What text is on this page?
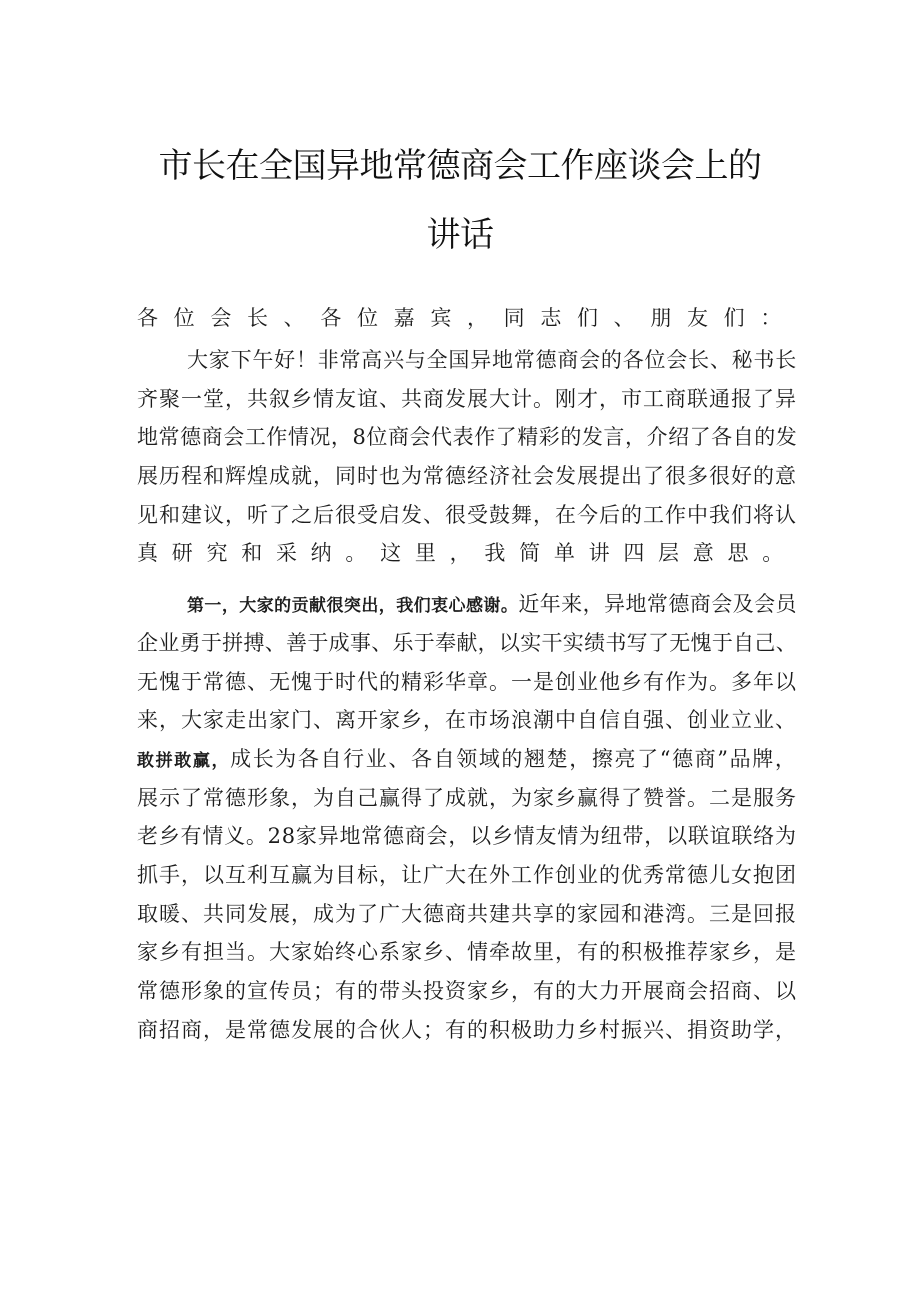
市长在全国异地常德商会工作座谈会上的
讲话
各位会长、各位嘉宾，同志们、朋友们：
大家下午好！非常高兴与全国异地常德商会的各位会长、秘书长
齐聚一堂，共叙乡情友谊、共商发展大计。刚才，市工商联通报了异
地常德商会工作情况，8位商会代表作了精彩的发言，介绍了各自的发
展历程和辉煌成就，同时也为常德经济社会发展提出了很多很好的意
见和建议，听了之后很受启发、很受鼓舞，在今后的工作中我们将认
真研究和采纳。这里，我简单讲四层意思。
第一，大家的贡献很突出，我们衷心感谢。近年来，异地常德商会及会员
企业勇于拼搏、善于成事、乐于奉献，以实干实绩书写了无愧于自己、
无愧于常德、无愧于时代的精彩华章。一是创业他乡有作为。多年以
来，大家走出家门、离开家乡，在市场浪潮中自信自强、创业立业、
敢拼敢赢，成长为各自行业、各自领域的翘楚，擦亮了“德商”品牌，
展示了常德形象，为自己赢得了成就，为家乡赢得了赞誉。二是服务
老乡有情义。28家异地常德商会，以乡情友情为纽带，以联谊联络为
抓手，以互利互赢为目标，让广大在外工作创业的优秀常德儿女抱团
取暖、共同发展，成为了广大德商共建共享的家园和港湾。三是回报
家乡有担当。大家始终心系家乡、情牵故里，有的积极推荐家乡，是
常德形象的宣传员；有的带头投资家乡，有的大力开展商会招商、以
商招商，是常德发展的合伙人；有的积极助力乡村振兴、捐资助学，
